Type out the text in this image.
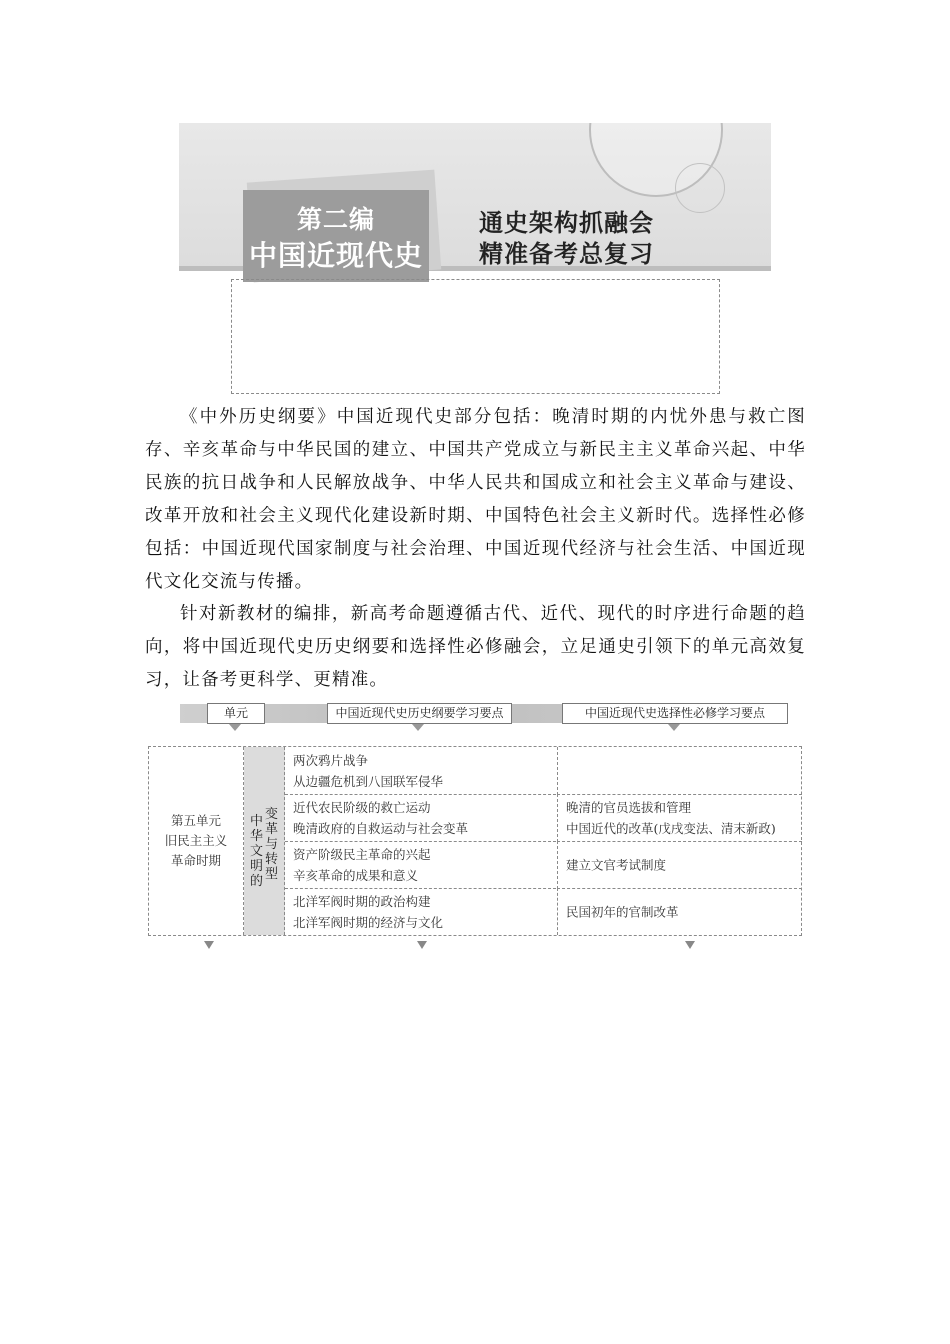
通史架构抓融会
精准备考总复习
第二编
中国近现代史

《中外历史纲要》中国近现代史部分包括：晚清时期的内忧外患与救亡图存、辛亥革命与中华民国的建立、中国共产党成立与新民主主义革命兴起、中华民族的抗日战争和人民解放战争、中华人民共和国成立和社会主义革命与建设、改革开放和社会主义现代化建设新时期、中国特色社会主义新时代。选择性必修包括：中国近现代国家制度与社会治理、中国近现代经济与社会生活、中国近现代文化交流与传播。

针对新教材的编排，新高考命题遵循古代、近代、现代的时序进行命题的趋向，将中国近现代史历史纲要和选择性必修融会，立足通史引领下的单元高效复习，让备考更科学、更精准。

单元	中国近现代史历史纲要学习要点	中国近现代史选择性必修学习要点
第五单元
旧民主主义
革命时期
中
华
文
明
的
变
革
与
转
型
两次鸦片战争
从边疆危机到八国联军侵华
近代农民阶级的救亡运动
晚清政府的自救运动与社会变革
晚清的官员选拔和管理
中国近代的改革(戊戌变法、清末新政)
资产阶级民主革命的兴起
辛亥革命的成果和意义
建立文官考试制度
北洋军阀时期的政治构建
北洋军阀时期的经济与文化
民国初年的官制改革
